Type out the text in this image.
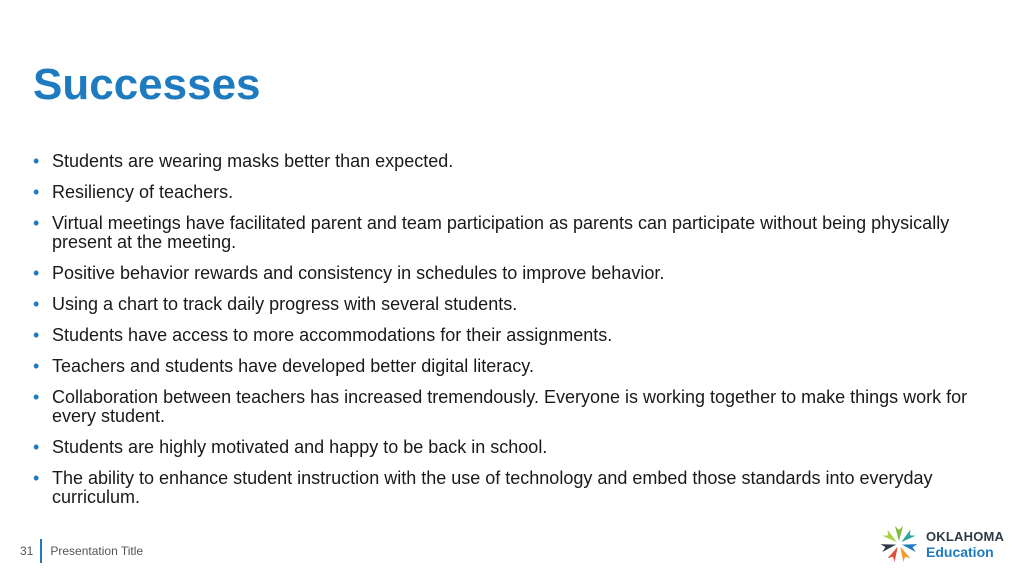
Successes
• Students are wearing masks better than expected.
• Resiliency of teachers.
• Virtual meetings have facilitated parent and team participation as parents can participate without being physically present at the meeting.
• Positive behavior rewards and consistency in schedules to improve behavior.
• Using a chart to track daily progress with several students.
• Students have access to more accommodations for their assignments.
• Teachers and students have developed better digital literacy.
• Collaboration between teachers has increased tremendously. Everyone is working together to make things work for every student.
• Students are highly motivated and happy to be back in school.
• The ability to enhance student instruction with the use of technology and embed those standards into everyday curriculum.
31 Presentation Title
OKLAHOMA
Education
